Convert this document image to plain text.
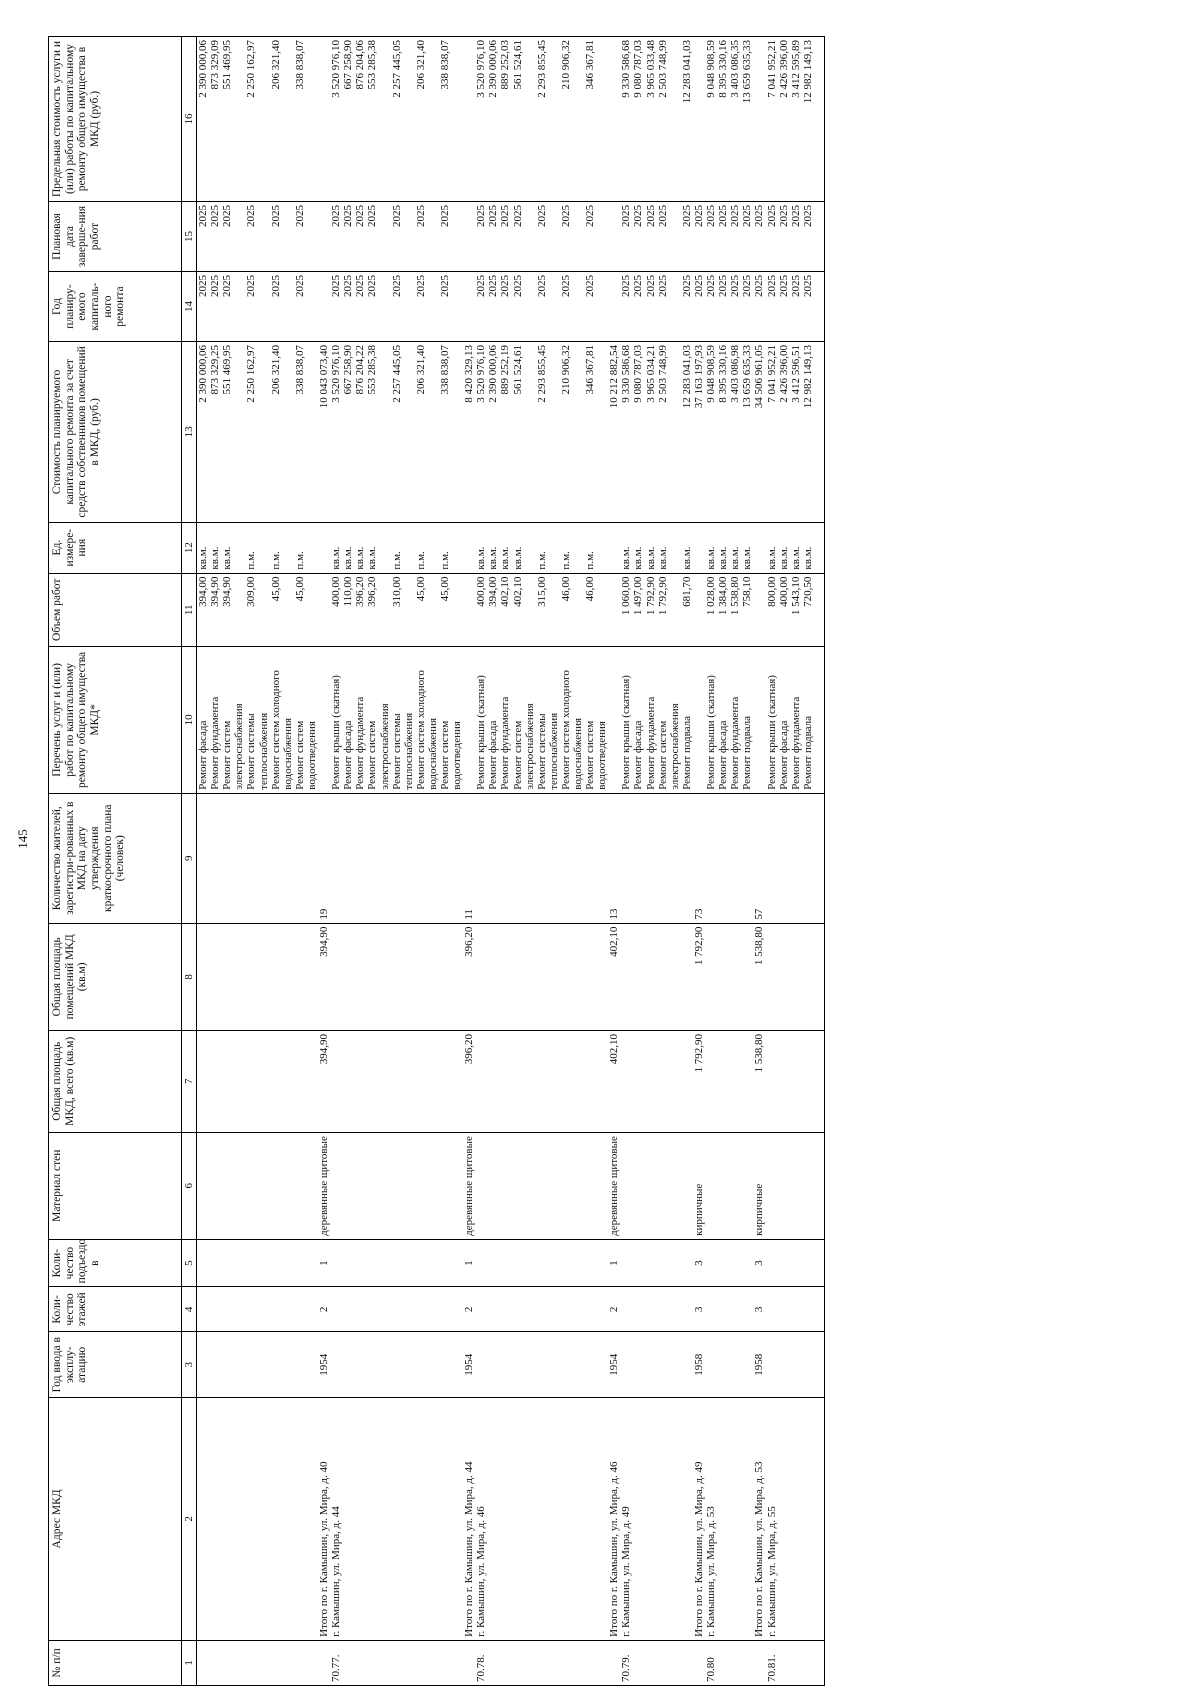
145
№ п/п	Адрес МКД	Год ввода в эксплу-атацию	Коли-чество этажей	Коли-чество подъездо в	Материал стен	Общая площадь МКД, всего (кв.м)	Общая площадь помещений МКД (кв.м)	Количество жителей, зарегистри-рованных в МКД на дату утверждения краткосрочного плана (человек)	Перечень услуг и (или) работ по капитальному ремонту общего имущества МКД*	Объем работ	Ед. измере-ния	Стоимость планируемого капитального ремонта за счет средств собственников помещений в МКД, (руб.)	Год планиру-емого капиталь-ного ремонта	Плановая дата заверше-ния работ	Предельная стоимость услуги и (или) работы по капитальному ремонту общего имущества в МКД (руб.)
1	2	3	4	5	6	7	8	9	10	11	12	13	14	15	16
									Ремонт фасада	394,00	кв.м.	2 390 000,06	2025	2025	2 390 000,06
									Ремонт фундамента	394,90	кв.м.	873 329,25	2025	2025	873 329,09
									Ремонт систем электроснабжения	394,90	кв.м.	551 469,95	2025	2025	551 469,95
									Ремонт системы теплоснабжения	309,00	п.м.	2 250 162,97	2025	2025	2 250 162,97
									Ремонт систем холодного водоснабжения	45,00	п.м.	206 321,40	2025	2025	206 321,40
									Ремонт систем водоотведения	45,00	п.м.	338 838,07	2025	2025	338 838,07
	Итого по г. Камышин, ул. Мира, д. 40	1954	2	1	деревянные щитовые	394,90	394,90	19				10 043 073,40			
70.77.	г. Камышин, ул. Мира, д. 44								Ремонт крыши (скатная)	400,00	кв.м.	3 520 976,10	2025	2025	3 520 976,10
									Ремонт фасада	110,00	кв.м.	667 258,90	2025	2025	667 258,90
									Ремонт фундамента	396,20	кв.м.	876 204,22	2025	2025	876 204,06
									Ремонт систем электроснабжения	396,20	кв.м.	553 285,38	2025	2025	553 285,38
									Ремонт системы теплоснабжения	310,00	п.м.	2 257 445,05	2025	2025	2 257 445,05
									Ремонт систем холодного водоснабжения	45,00	п.м.	206 321,40	2025	2025	206 321,40
									Ремонт систем водоотведения	45,00	п.м.	338 838,07	2025	2025	338 838,07
	Итого по г. Камышин, ул. Мира, д. 44	1954	2	1	деревянные щитовые	396,20	396,20	11				8 420 329,13			
70.78.	г. Камышин, ул. Мира, д. 46								Ремонт крыши (скатная)	400,00	кв.м.	3 520 976,10	2025	2025	3 520 976,10
									Ремонт фасада	394,00	кв.м.	2 390 000,06	2025	2025	2 390 000,06
									Ремонт фундамента	402,10	кв.м.	889 252,19	2025	2025	889 252,03
									Ремонт систем электроснабжения	402,10	кв.м.	561 524,61	2025	2025	561 524,61
									Ремонт системы теплоснабжения	315,00	п.м.	2 293 855,45	2025	2025	2 293 855,45
									Ремонт систем холодного водоснабжения	46,00	п.м.	210 906,32	2025	2025	210 906,32
									Ремонт систем водоотведения	46,00	п.м.	346 367,81	2025	2025	346 367,81
	Итого по г. Камышин, ул. Мира, д. 46	1954	2	1	деревянные щитовые	402,10	402,10	13				10 212 882,54			
70.79.	г. Камышин, ул. Мира, д. 49								Ремонт крыши (скатная)	1 060,00	кв.м.	9 330 586,68	2025	2025	9 330 586,68
									Ремонт фасада	1 497,00	кв.м.	9 080 787,03	2025	2025	9 080 787,03
									Ремонт фундамента	1 792,90	кв.м.	3 965 034,21	2025	2025	3 965 033,48
									Ремонт систем электроснабжения	1 792,90	кв.м.	2 503 748,99	2025	2025	2 503 748,99
									Ремонт подвала	681,70	кв.м.	12 283 041,03	2025	2025	12 283 041,03
	Итого по г. Камышин, ул. Мира, д. 49	1958	3	3	кирпичные	1 792,90	1 792,90	73				37 163 197,93	2025	2025	
70.80	г. Камышин, ул. Мира, д. 53								Ремонт крыши (скатная)	1 028,00	кв.м.	9 048 908,59	2025	2025	9 048 908,59
									Ремонт фасада	1 384,00	кв.м.	8 395 330,16	2025	2025	8 395 330,16
									Ремонт фундамента	1 538,80	кв.м.	3 403 086,98	2025	2025	3 403 086,35
									Ремонт подвала	758,10	кв.м.	13 659 635,33	2025	2025	13 659 635,33
	Итого по г. Камышин, ул. Мира, д. 53	1958	3	3	кирпичные	1 538,80	1 538,80	57				34 506 961,05	2025	2025	
70.81.	г. Камышин, ул. Мира, д. 55								Ремонт крыши (скатная)	800,00	кв.м.	7 041 952,21	2025	2025	7 041 952,21
									Ремонт фасада	400,00	кв.м.	2 426 396,00	2025	2025	2 426 396,00
									Ремонт фундамента	1 543,10	кв.м.	3 412 596,51	2025	2025	3 412 595,89
									Ремонт подвала	720,50	кв.м.	12 982 149,13	2025	2025	12 982 149,13
